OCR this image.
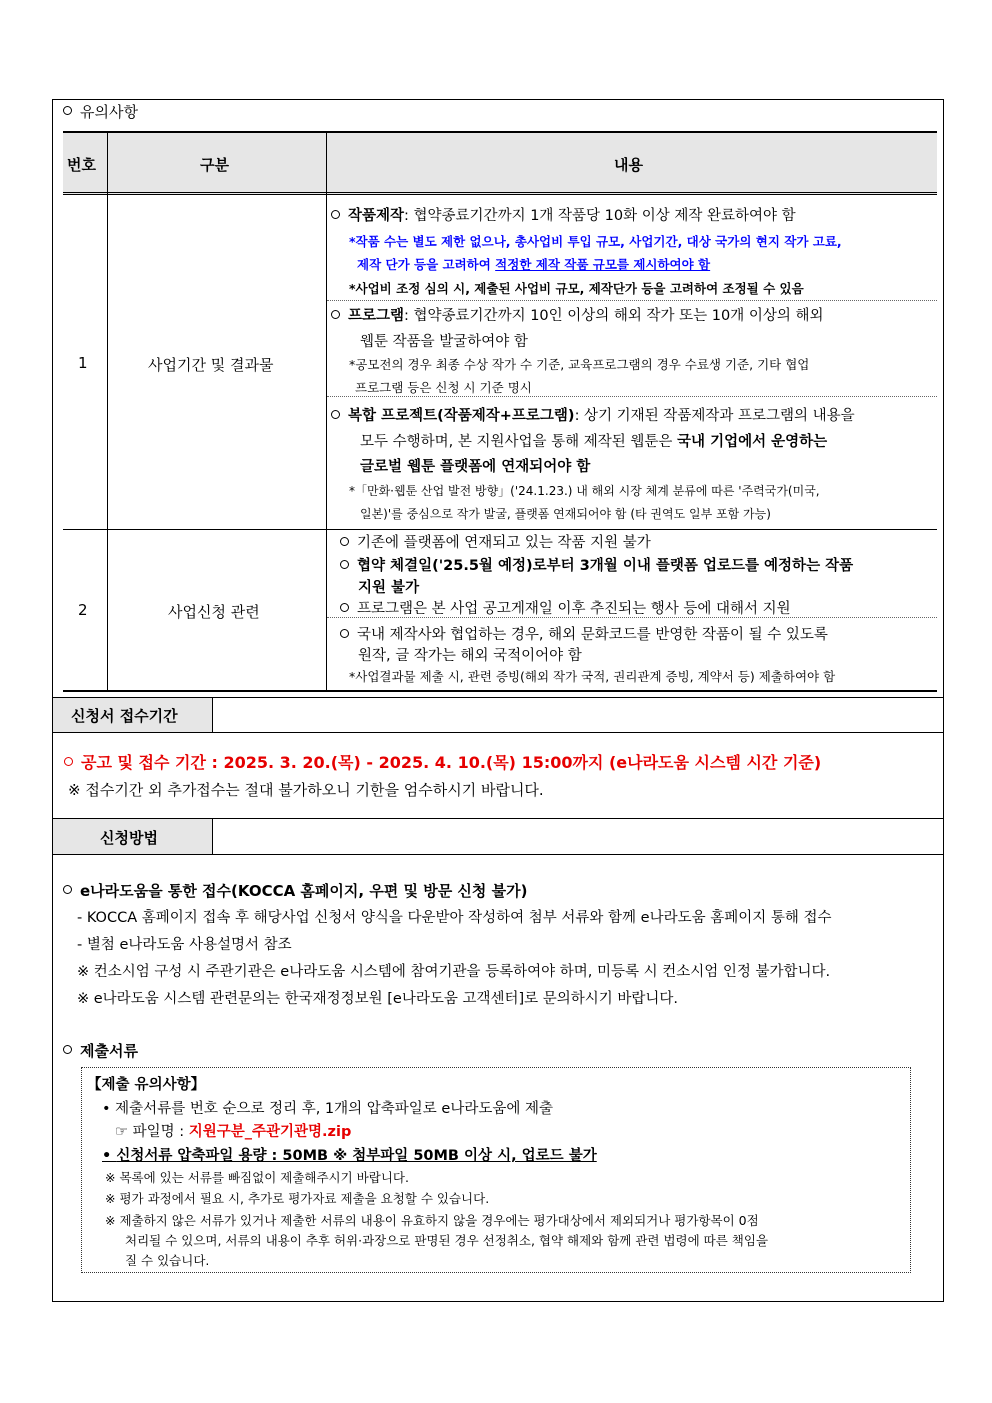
유의사항
번호	구분	내용
1	사업기간 및 결과물
작품제작: 협약종료기간까지 1개 작품당 10화 이상 제작 완료하여야 함
*작품 수는 별도 제한 없으나, 총사업비 투입 규모, 사업기간, 대상 국가의 현지 작가 고료,
제작 단가 등을 고려하여 적정한 제작 작품 규모를 제시하여야 함
*사업비 조정 심의 시, 제출된 사업비 규모, 제작단가 등을 고려하여 조정될 수 있음
프로그램: 협약종료기간까지 10인 이상의 해외 작가 또는 10개 이상의 해외
웹툰 작품을 발굴하여야 함
*공모전의 경우 최종 수상 작가 수 기준, 교육프로그램의 경우 수료생 기준, 기타 협업
프로그램 등은 신청 시 기준 명시
복합 프로젝트(작품제작+프로그램): 상기 기재된 작품제작과 프로그램의 내용을
모두 수행하며, 본 지원사업을 통해 제작된 웹툰은 국내 기업에서 운영하는
글로벌 웹툰 플랫폼에 연재되어야 함
*「만화·웹툰 산업 발전 방향」('24.1.23.) 내 해외 시장 체계 분류에 따른 '주력국가(미국,
일본)'를 중심으로 작가 발굴, 플랫폼 연재되어야 함 (타 권역도 일부 포함 가능)
2	사업신청 관련
기존에 플랫폼에 연재되고 있는 작품 지원 불가
협약 체결일('25.5월 예정)로부터 3개월 이내 플랫폼 업로드를 예정하는 작품
지원 불가
프로그램은 본 사업 공고게재일 이후 추진되는 행사 등에 대해서 지원
국내 제작사와 협업하는 경우, 해외 문화코드를 반영한 작품이 될 수 있도록
원작, 글 작가는 해외 국적이어야 함
*사업결과물 제출 시, 관련 증빙(해외 작가 국적, 권리관계 증빙, 계약서 등) 제출하여야 함
신청서 접수기간
공고 및 접수 기간 : 2025. 3. 20.(목) - 2025. 4. 10.(목) 15:00까지 (e나라도움 시스템 시간 기준)
※ 접수기간 외 추가접수는 절대 불가하오니 기한을 엄수하시기 바랍니다.
신청방법
e나라도움을 통한 접수(KOCCA 홈페이지, 우편 및 방문 신청 불가)
- KOCCA 홈페이지 접속 후 해당사업 신청서 양식을 다운받아 작성하여 첨부 서류와 함께 e나라도움 홈페이지 통해 접수
- 별첨 e나라도움 사용설명서 참조
※ 컨소시엄 구성 시 주관기관은 e나라도움 시스템에 참여기관을 등록하여야 하며, 미등록 시 컨소시엄 인정 불가합니다.
※ e나라도움 시스템 관련문의는 한국재정정보원 [e나라도움 고객센터]로 문의하시기 바랍니다.
제출서류
【제출 유의사항】
• 제출서류를 번호 순으로 정리 후, 1개의 압축파일로 e나라도움에 제출
☞ 파일명 : 지원구분_주관기관명.zip
• 신청서류 압축파일 용량 : 50MB ※ 첨부파일 50MB 이상 시, 업로드 불가
※ 목록에 있는 서류를 빠짐없이 제출해주시기 바랍니다.
※ 평가 과정에서 필요 시, 추가로 평가자료 제출을 요청할 수 있습니다.
※ 제출하지 않은 서류가 있거나 제출한 서류의 내용이 유효하지 않을 경우에는 평가대상에서 제외되거나 평가항목이 0점
처리될 수 있으며, 서류의 내용이 추후 허위·과장으로 판명된 경우 선정취소, 협약 해제와 함께 관련 법령에 따른 책임을
질 수 있습니다.
